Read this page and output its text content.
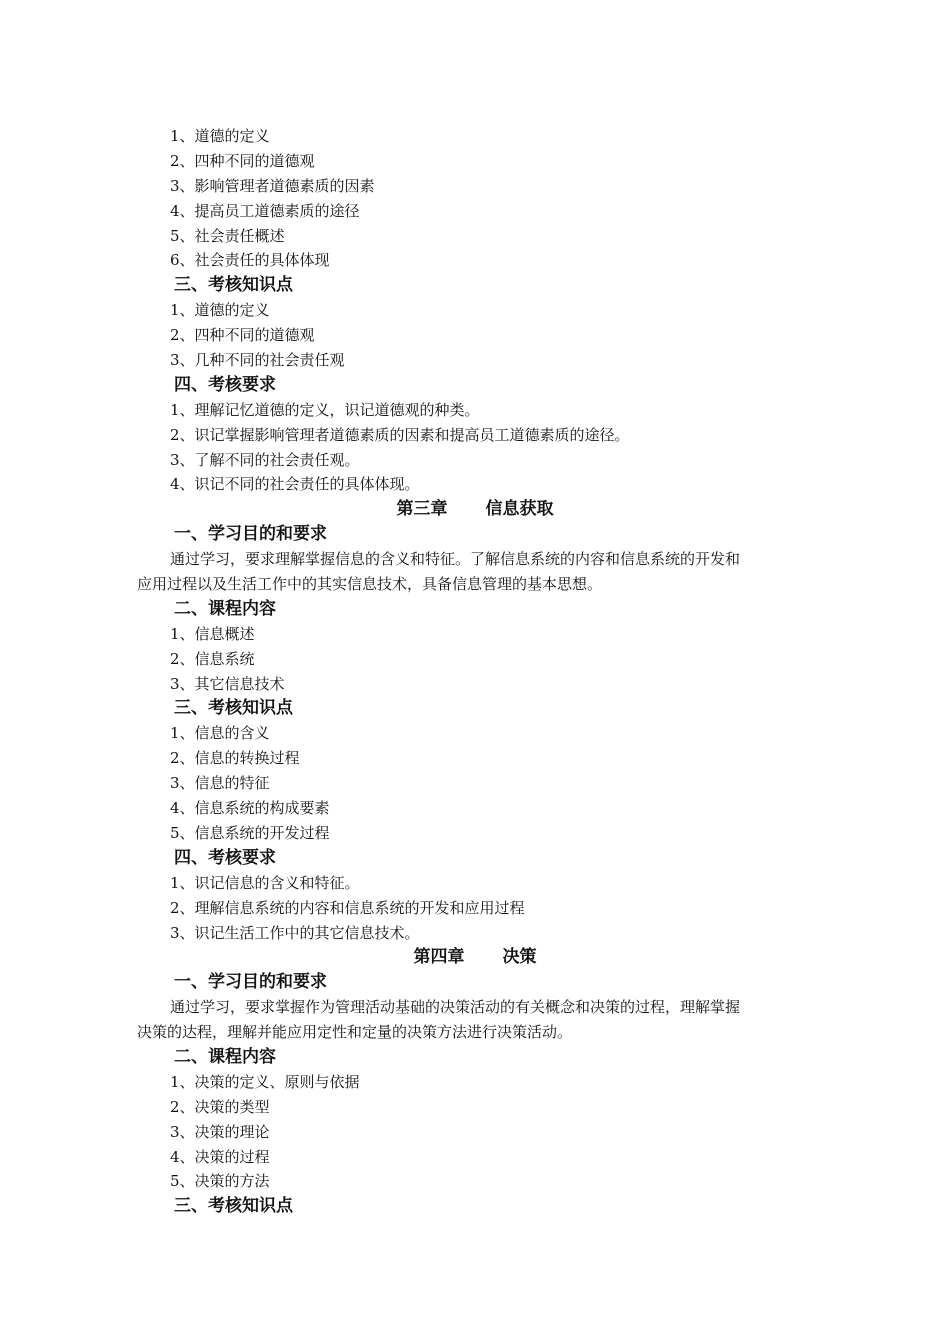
1、道德的定义

2、四种不同的道德观

3、影响管理者道德素质的因素

4、提高员工道德素质的途径

5、社会责任概述

6、社会责任的具体体现

三、考核知识点

1、道德的定义

2、四种不同的道德观

3、几种不同的社会责任观

四、考核要求

1、理解记忆道德的定义，识记道德观的种类。

2、识记掌握影响管理者道德素质的因素和提高员工道德素质的途径。

3、了解不同的社会责任观。

4、识记不同的社会责任的具体体现。

第三章 信息获取

一、学习目的和要求

通过学习，要求理解掌握信息的含义和特征。了解信息系统的内容和信息系统的开发和

应用过程以及生活工作中的其实信息技术，具备信息管理的基本思想。

二、课程内容

1、信息概述

2、信息系统

3、其它信息技术

三、考核知识点

1、信息的含义

2、信息的转换过程

3、信息的特征

4、信息系统的构成要素

5、信息系统的开发过程

四、考核要求

1、识记信息的含义和特征。

2、理解信息系统的内容和信息系统的开发和应用过程

3、识记生活工作中的其它信息技术。

第四章 决策

一、学习目的和要求

通过学习，要求掌握作为管理活动基础的决策活动的有关概念和决策的过程，理解掌握

决策的达程，理解并能应用定性和定量的决策方法进行决策活动。

二、课程内容

1、决策的定义、原则与依据

2、决策的类型

3、决策的理论

4、决策的过程

5、决策的方法

三、考核知识点
